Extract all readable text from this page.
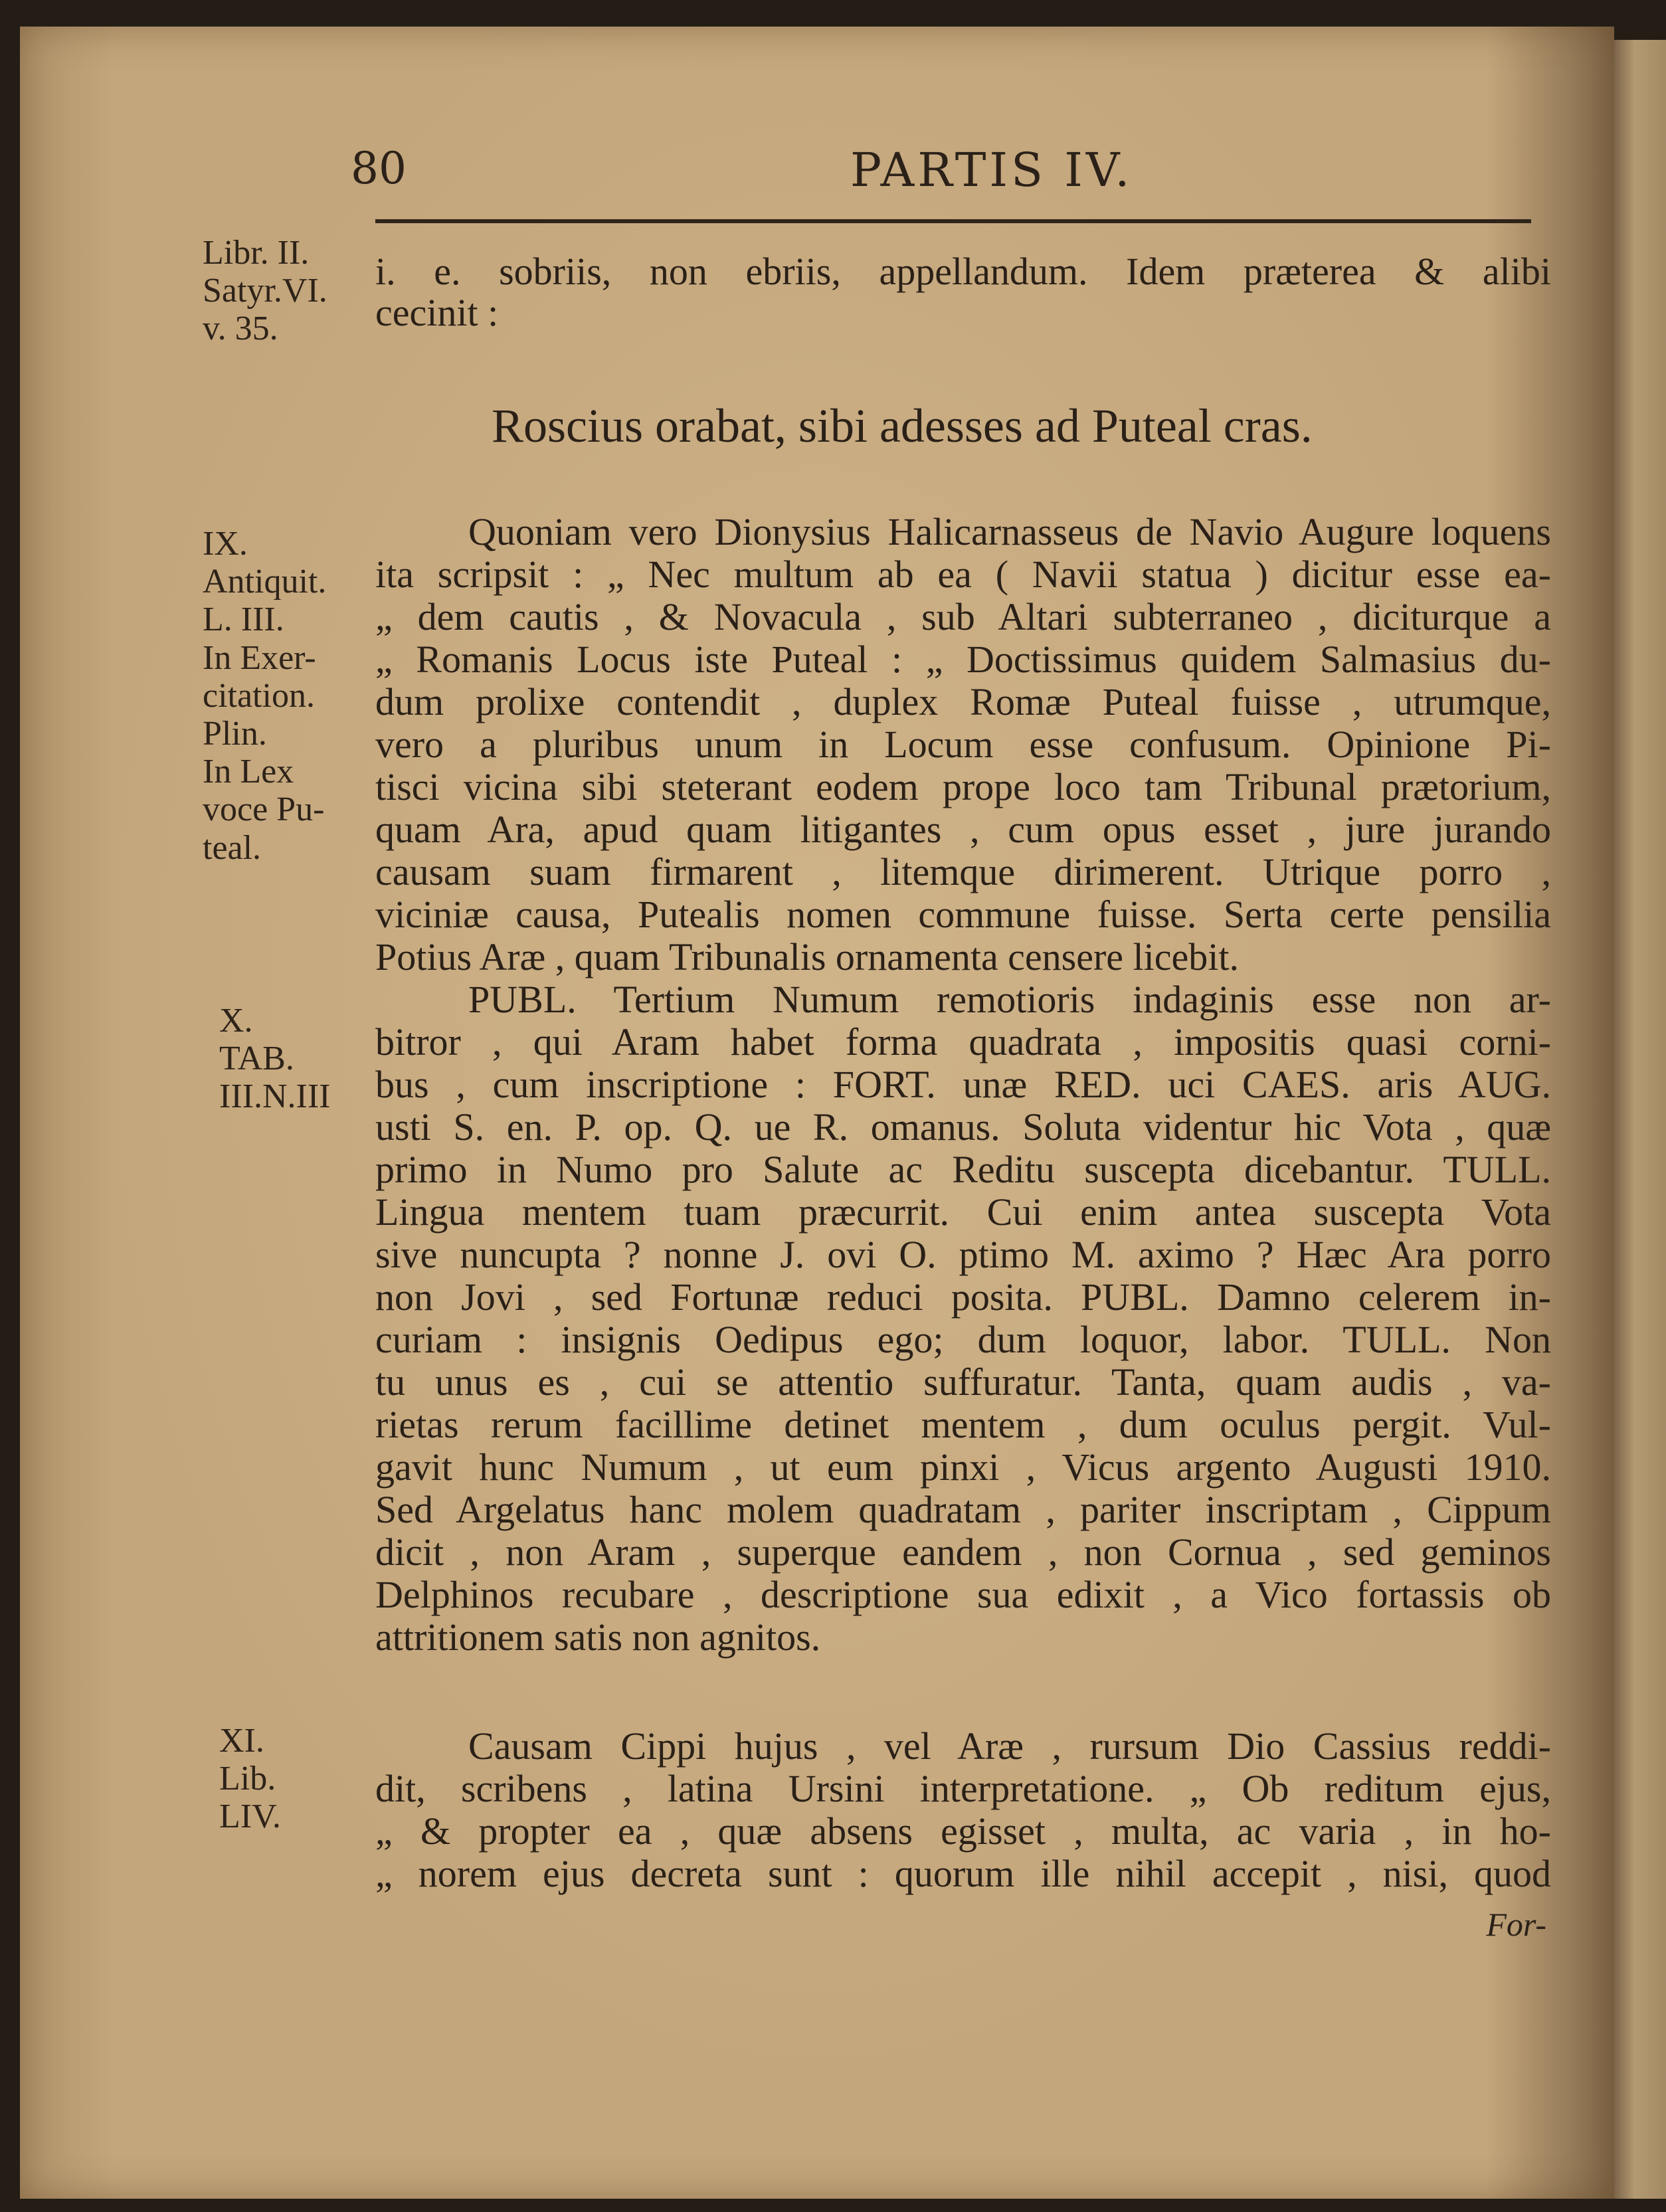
80	PARTIS IV.
Libr. II.
Satyr.VI.
v. 35.
IX.
Antiquit.
L. III.
In Exer-
citation.
Plin.
In Lex
voce Pu-
teal.
X.
TAB.
III.N.III
XI.
Lib.
LIV.
i. e. sobriis, non ebriis, appellandum. Idem præterea & alibi
cecinit :
Roscius orabat, sibi adesses ad Puteal cras.
Quoniam vero Dionysius Halicarnasseus de Navio Augure loquens
ita scripsit : „ Nec multum ab ea ( Navii statua ) dicitur esse ea-
„ dem cautis , & Novacula , sub Altari subterraneo , diciturque a
„ Romanis Locus iste Puteal : „ Doctissimus quidem Salmasius du-
dum prolixe contendit , duplex Romæ Puteal fuisse , utrumque,
vero a pluribus unum in Locum esse confusum. Opinione Pi-
tisci vicina sibi steterant eodem prope loco tam Tribunal prætorium,
quam Ara, apud quam litigantes , cum opus esset , jure jurando
causam suam firmarent , litemque dirimerent. Utrique porro ,
viciniæ causa, Putealis nomen commune fuisse. Serta certe pensilia
Potius Aræ , quam Tribunalis ornamenta censere licebit.
PUBL. Tertium Numum remotioris indaginis esse non ar-
bitror , qui Aram habet forma quadrata , impositis quasi corni-
bus , cum inscriptione : FORT. unæ RED. uci CAES. aris AUG.
usti S. en. P. op. Q. ue R. omanus. Soluta videntur hic Vota , quæ
primo in Numo pro Salute ac Reditu suscepta dicebantur. TULL.
Lingua mentem tuam præcurrit. Cui enim antea suscepta Vota
sive nuncupta ? nonne J. ovi O. ptimo M. aximo ? Hæc Ara porro
non Jovi , sed Fortunæ reduci posita. PUBL. Damno celerem in-
curiam : insignis Oedipus ego; dum loquor, labor. TULL. Non
tu unus es , cui se attentio suffuratur. Tanta, quam audis , va-
rietas rerum facillime detinet mentem , dum oculus pergit. Vul-
gavit hunc Numum , ut eum pinxi , Vicus argento Augusti 1910.
Sed Argelatus hanc molem quadratam , pariter inscriptam , Cippum
dicit , non Aram , superque eandem , non Cornua , sed geminos
Delphinos recubare , descriptione sua edixit , a Vico fortassis ob
attritionem satis non agnitos.
Causam Cippi hujus , vel Aræ , rursum Dio Cassius reddi-
dit, scribens , latina Ursini interpretatione. „ Ob reditum ejus,
„ & propter ea , quæ absens egisset , multa, ac varia , in ho-
„ norem ejus decreta sunt : quorum ille nihil accepit , nisi, quod
For-
